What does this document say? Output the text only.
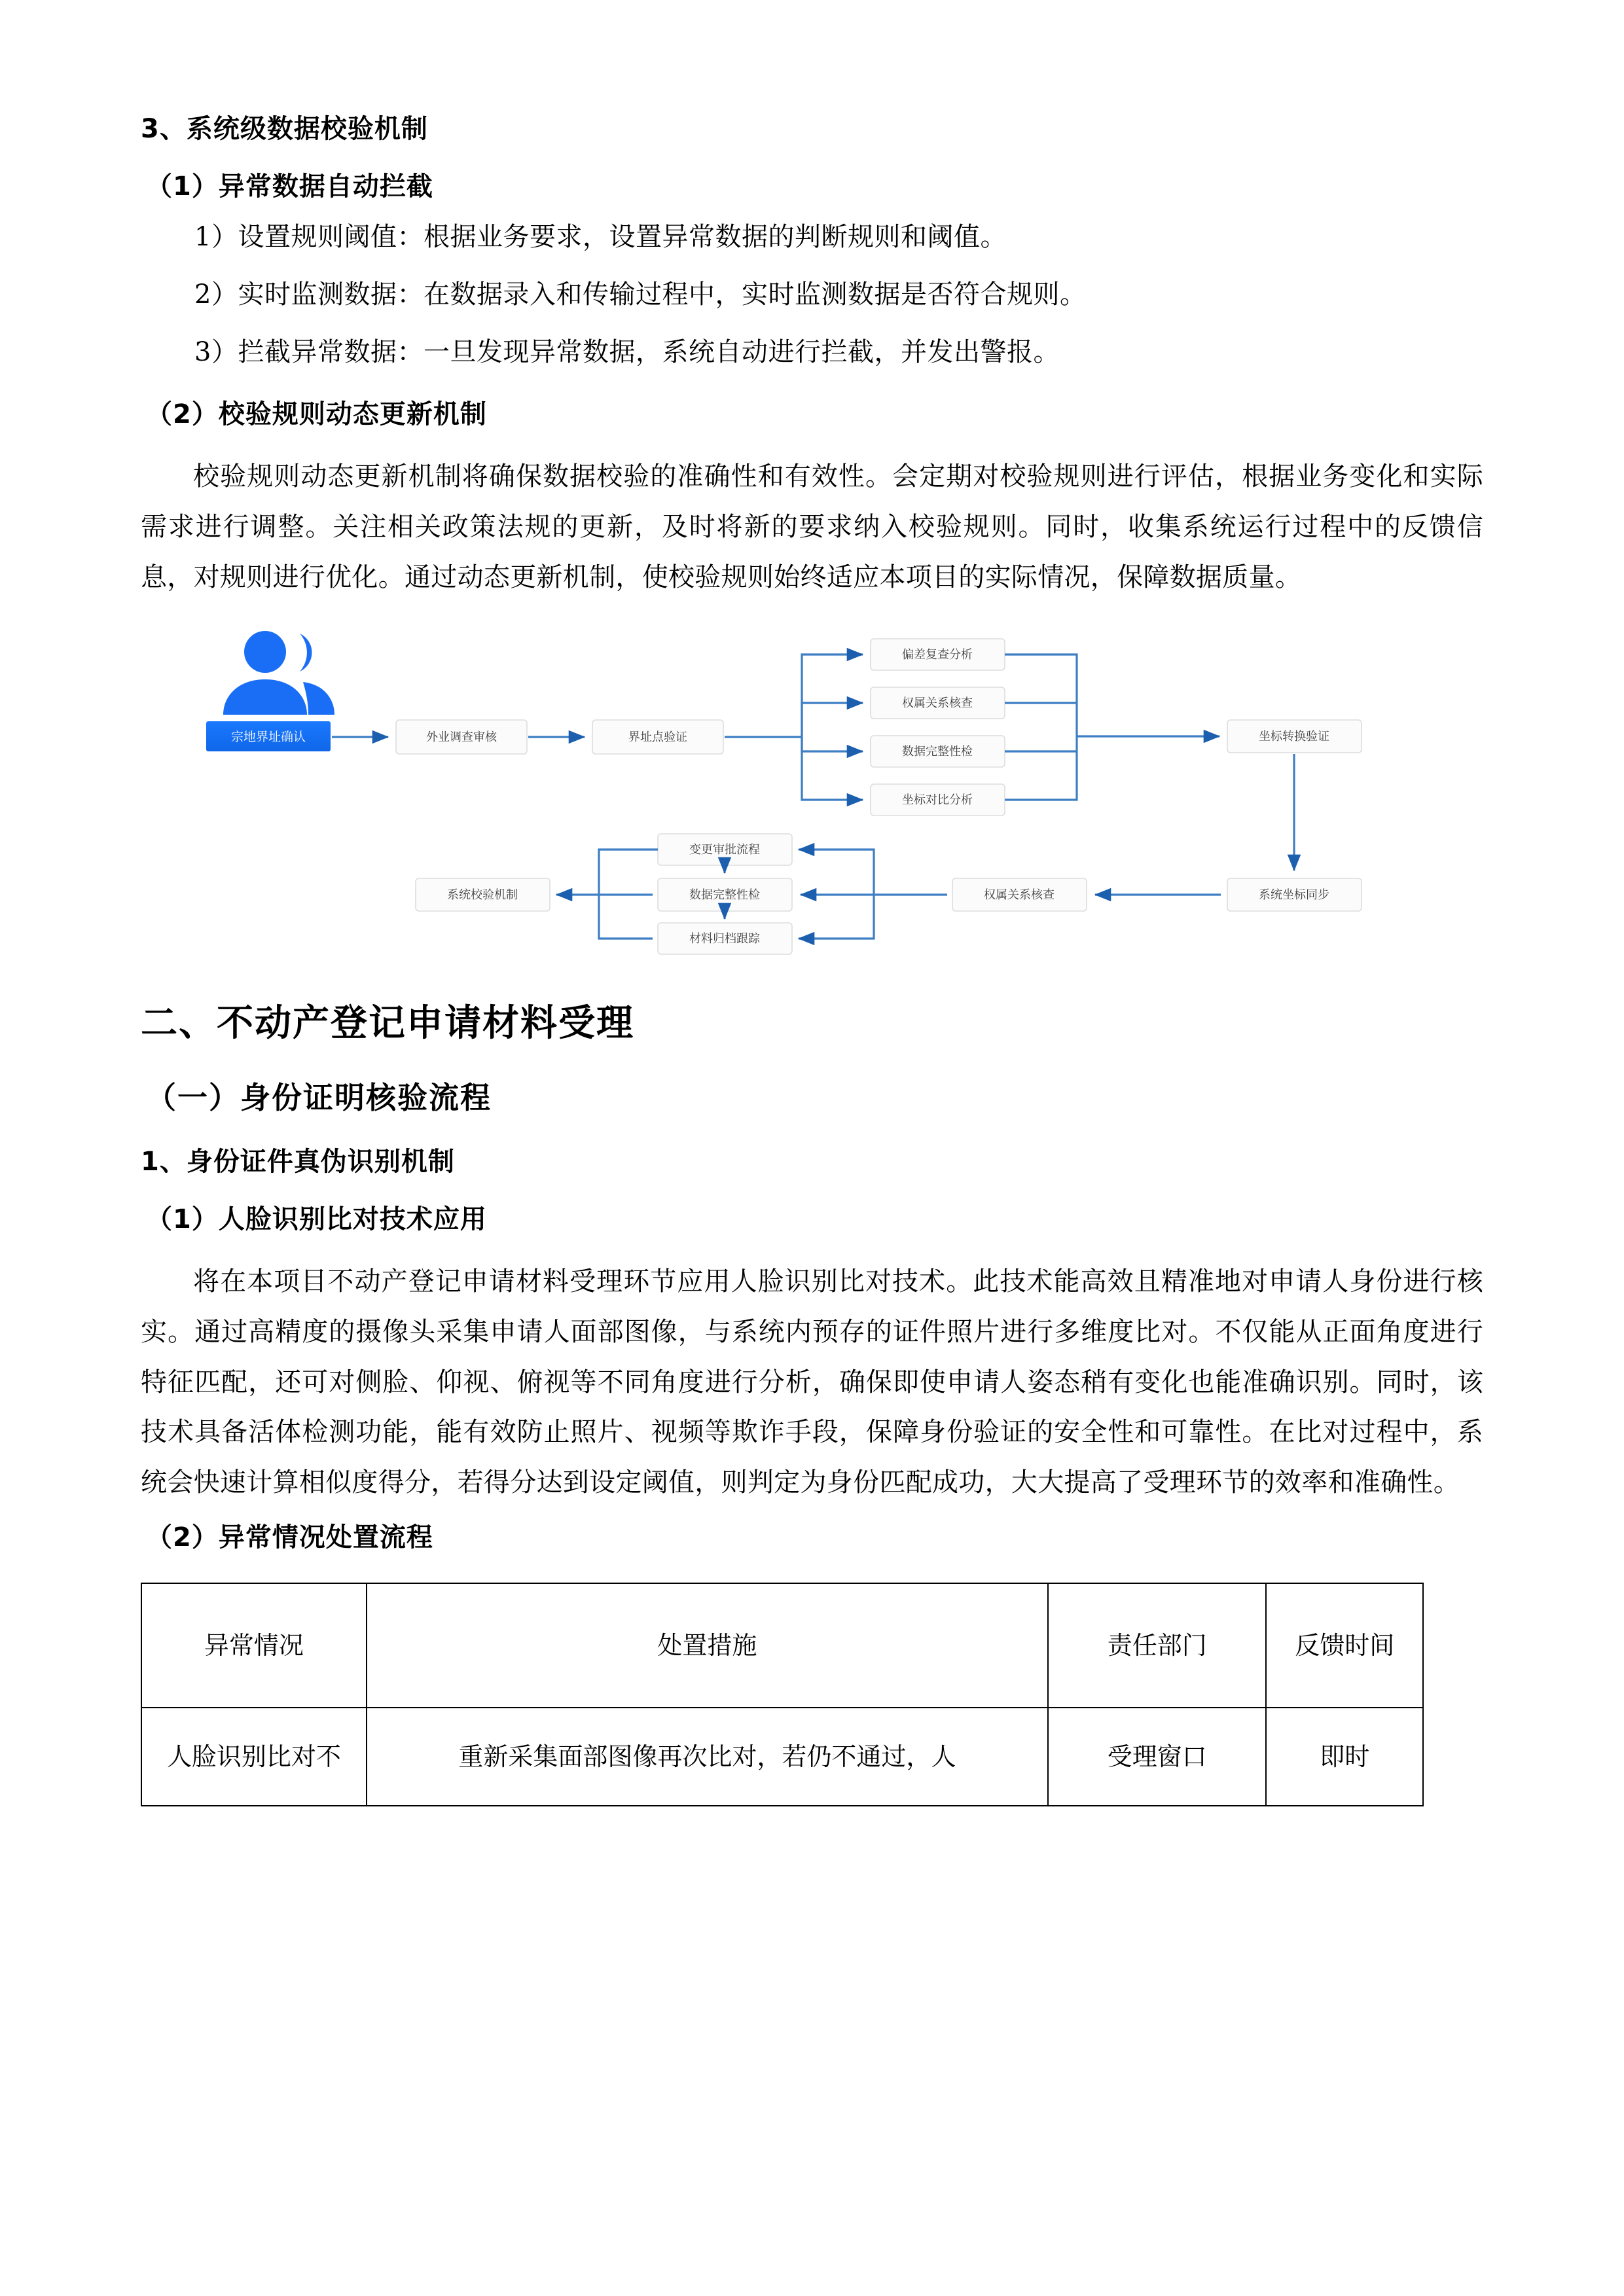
3、系统级数据校验机制
（1）异常数据自动拦截

1）设置规则阈值：根据业务要求，设置异常数据的判断规则和阈值。

2）实时监测数据：在数据录入和传输过程中，实时监测数据是否符合规则。

3）拦截异常数据：一旦发现异常数据，系统自动进行拦截，并发出警报。

（2）校验规则动态更新机制

校验规则动态更新机制将确保数据校验的准确性和有效性。会定期对校验规则进行评估，根据业务变化和实际需求进行调整。关注相关政策法规的更新，及时将新的要求纳入校验规则。同时，收集系统运行过程中的反馈信息，对规则进行优化。通过动态更新机制，使校验规则始终适应本项目的实际情况，保障数据质量。

宗地界址确认	外业调查审核	界址点验证
偏差复查分析
权属关系核查
数据完整性检
坐标对比分析
坐标转换验证
系统坐标同步
权属关系核查
变更审批流程
数据完整性检
材料归档跟踪
系统校验机制
二、不动产登记申请材料受理
（一）身份证明核验流程
1、身份证件真伪识别机制
（1）人脸识别比对技术应用

将在本项目不动产登记申请材料受理环节应用人脸识别比对技术。此技术能高效且精准地对申请人身份进行核实。通过高精度的摄像头采集申请人面部图像，与系统内预存的证件照片进行多维度比对。不仅能从正面角度进行特征匹配，还可对侧脸、仰视、俯视等不同角度进行分析，确保即使申请人姿态稍有变化也能准确识别。同时，该技术具备活体检测功能，能有效防止照片、视频等欺诈手段，保障身份验证的安全性和可靠性。在比对过程中，系统会快速计算相似度得分，若得分达到设定阈值，则判定为身份匹配成功，大大提高了受理环节的效率和准确性。

（2）异常情况处置流程
异常情况	处置措施	责任部门	反馈时间
人脸识别比对不	重新采集面部图像再次比对，若仍不通过，人	受理窗口	即时
